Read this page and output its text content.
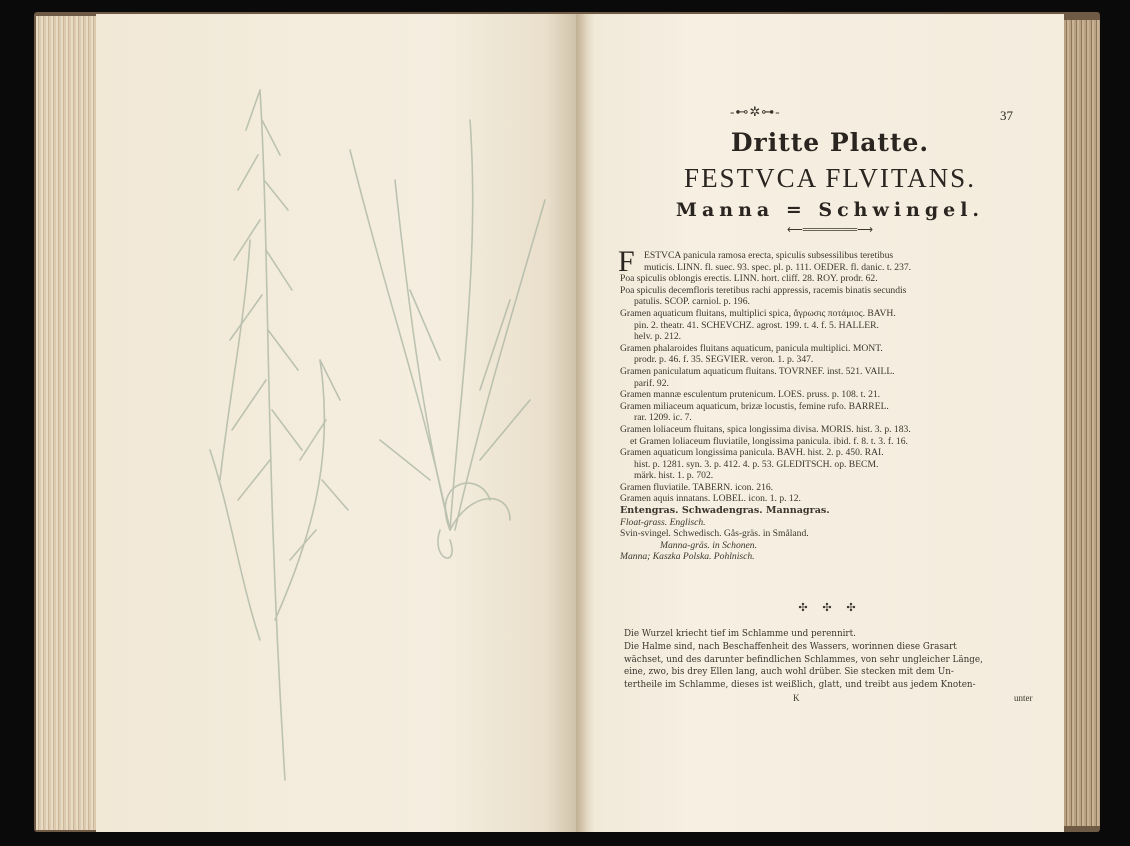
37
-⊷✲⊶-
Dritte Platte.
FESTVCA FLVITANS.
Manna = Schwingel.
⟵═══════⟶
F ESTVCA panicula ramosa erecta, spiculis subsessilibus teretibus
muticis. LINN. fl. suec. 93. spec. pl. p. 111. OEDER. fl. danic. t. 237.
Poa spiculis oblongis erectis. LINN. hort. cliff. 28. ROY. prodr. 62.
Poa spiculis decemfloris teretibus rachi appressis, racemis binatis secundis
patulis. SCOP. carniol. p. 196.
Gramen aquaticum fluitans, multiplici spica, ἄγρωσις ποτάμιος. BAVH.
pin. 2. theatr. 41. SCHEVCHZ. agrost. 199. t. 4. f. 5. HALLER.
helv. p. 212.
Gramen phalaroides fluitans aquaticum, panicula multiplici. MONT.
prodr. p. 46. f. 35. SEGVIER. veron. 1. p. 347.
Gramen paniculatum aquaticum fluitans. TOVRNEF. inst. 521. VAILL.
parif. 92.
Gramen mannæ esculentum prutenicum. LOES. pruss. p. 108. t. 21.
Gramen miliaceum aquaticum, brizæ locustis, femine rufo. BARREL.
rar. 1209. ic. 7.
Gramen loliaceum fluitans, spica longissima divisa. MORIS. hist. 3. p. 183.
et Gramen loliaceum fluviatile, longissima panicula. ibid. f. 8. t. 3. f. 16.
Gramen aquaticum longissima panicula. BAVH. hist. 2. p. 450. RAI.
hist. p. 1281. syn. 3. p. 412. 4. p. 53. GLEDITSCH. op. BECM.
märk. hist. 1. p. 702.
Gramen fluviatile. TABERN. icon. 216.
Gramen aquis innatans. LOBEL. icon. 1. p. 12.
Entengras. Schwadengras. Mannagras.
Float-grass. Englisch.
Svin-svingel. Schwedisch. Gås-gräs. in Småland.
Manna-gräs. in Schonen.
Manna; Kaszka Polska. Pohlnisch.
✣ ✣ ✣
Die Wurzel kriecht tief im Schlamme und perennirt.
Die Halme sind, nach Beschaffenheit des Wassers, worinnen diese Grasart
wächset, und des darunter befindlichen Schlammes, von sehr ungleicher Länge,
eine, zwo, bis drey Ellen lang, auch wohl drüber. Sie stecken mit dem Un-
tertheile im Schlamme, dieses ist weißlich, glatt, und treibt aus jedem Knoten-
K	unter
